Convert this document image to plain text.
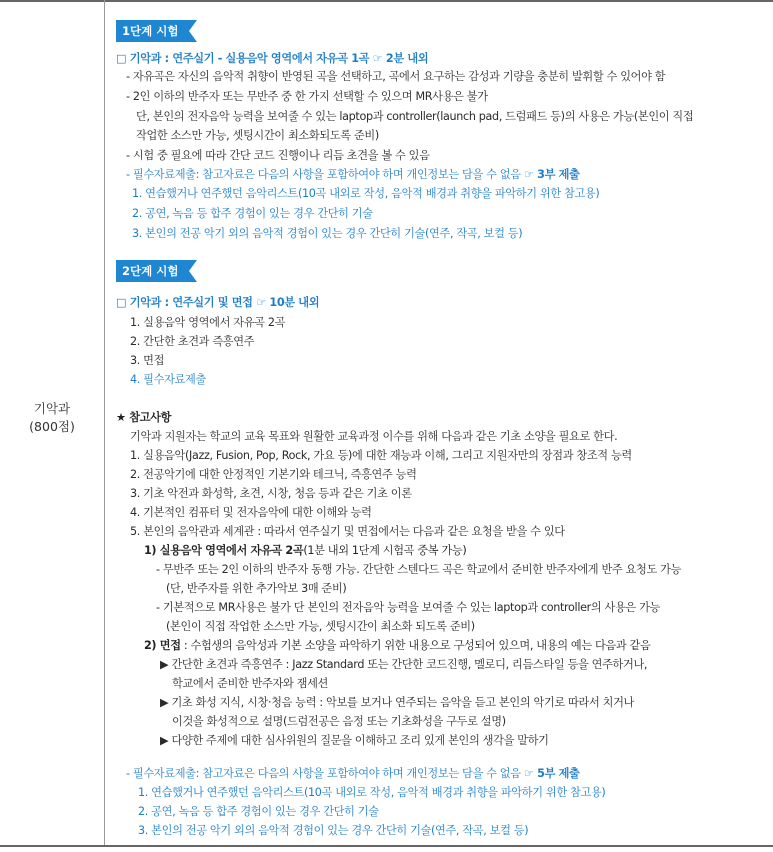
기악과
(800점)
1단계 시험
□ 기악과 : 연주실기 - 실용음악 영역에서 자유곡 1곡 ☞ 2분 내외
- 자유곡은 자신의 음악적 취향이 반영된 곡을 선택하고, 곡에서 요구하는 감성과 기량을 충분히 발휘할 수 있어야 함
- 2인 이하의 반주자 또는 무반주 중 한 가지 선택할 수 있으며 MR사용은 불가
단, 본인의 전자음악 능력을 보여줄 수 있는 laptop과 controller(launch pad, 드럼패드 등)의 사용은 가능(본인이 직접
작업한 소스만 가능, 셋팅시간이 최소화되도록 준비)
- 시험 중 필요에 따라 간단 코드 진행이나 리듬 초견을 볼 수 있음
- 필수자료제출: 참고자료은 다음의 사항을 포함하여야 하며 개인정보는 담을 수 없음 ☞ 3부 제출
1. 연습했거나 연주했던 음악리스트(10곡 내외로 작성, 음악적 배경과 취향을 파악하기 위한 참고용)
2. 공연, 녹음 등 합주 경험이 있는 경우 간단히 기술
3. 본인의 전공 악기 외의 음악적 경험이 있는 경우 간단히 기술(연주, 작곡, 보컬 등)
2단계 시험
□ 기악과 : 연주실기 및 면접 ☞ 10분 내외
1. 실용음악 영역에서 자유곡 2곡
2. 간단한 초견과 즉흥연주
3. 면접
4. 필수자료제출
★ 참고사항
기악과 지원자는 학교의 교육 목표와 원활한 교육과정 이수를 위해 다음과 같은 기초 소양을 필요로 한다.
1. 실용음악(Jazz, Fusion, Pop, Rock, 가요 등)에 대한 재능과 이해, 그리고 지원자만의 장점과 창조적 능력
2. 전공악기에 대한 안정적인 기본기와 테크닉, 즉흥연주 능력
3. 기초 악전과 화성학, 초견, 시창, 청음 등과 같은 기초 이론
4. 기본적인 컴퓨터 및 전자음악에 대한 이해와 능력
5. 본인의 음악관과 세계관 : 따라서 연주실기 및 면접에서는 다음과 같은 요청을 받을 수 있다
1) 실용음악 영역에서 자유곡 2곡(1분 내외 1단계 시험곡 중복 가능)
- 무반주 또는 2인 이하의 반주자 동행 가능. 간단한 스텐다드 곡은 학교에서 준비한 반주자에게 반주 요청도 가능
(단, 반주자를 위한 추가악보 3매 준비)
- 기본적으로 MR사용은 불가 단 본인의 전자음악 능력을 보여줄 수 있는 laptop과 controller의 사용은 가능
(본인이 직접 작업한 소스만 가능, 셋팅시간이 최소화 되도록 준비)
2) 면접 : 수험생의 음악성과 기본 소양을 파악하기 위한 내용으로 구성되어 있으며, 내용의 예는 다음과 같음
▶ 간단한 초견과 즉흥연주 : Jazz Standard 또는 간단한 코드진행, 멜로디, 리듬스타일 등을 연주하거나,
학교에서 준비한 반주자와 잼세션
▶ 기초 화성 지식, 시창·청음 능력 : 악보를 보거나 연주되는 음악을 듣고 본인의 악기로 따라서 치거나
이것을 화성적으로 설명(드럼전공은 음정 또는 기초화성을 구두로 설명)
▶ 다양한 주제에 대한 심사위원의 질문을 이해하고 조리 있게 본인의 생각을 말하기
- 필수자료제출: 참고자료은 다음의 사항을 포함하여야 하며 개인정보는 담을 수 없음 ☞ 5부 제출
1. 연습했거나 연주했던 음악리스트(10곡 내외로 작성, 음악적 배경과 취향을 파악하기 위한 참고용)
2. 공연, 녹음 등 합주 경험이 있는 경우 간단히 기술
3. 본인의 전공 악기 외의 음악적 경험이 있는 경우 간단히 기술(연주, 작곡, 보컬 등)
